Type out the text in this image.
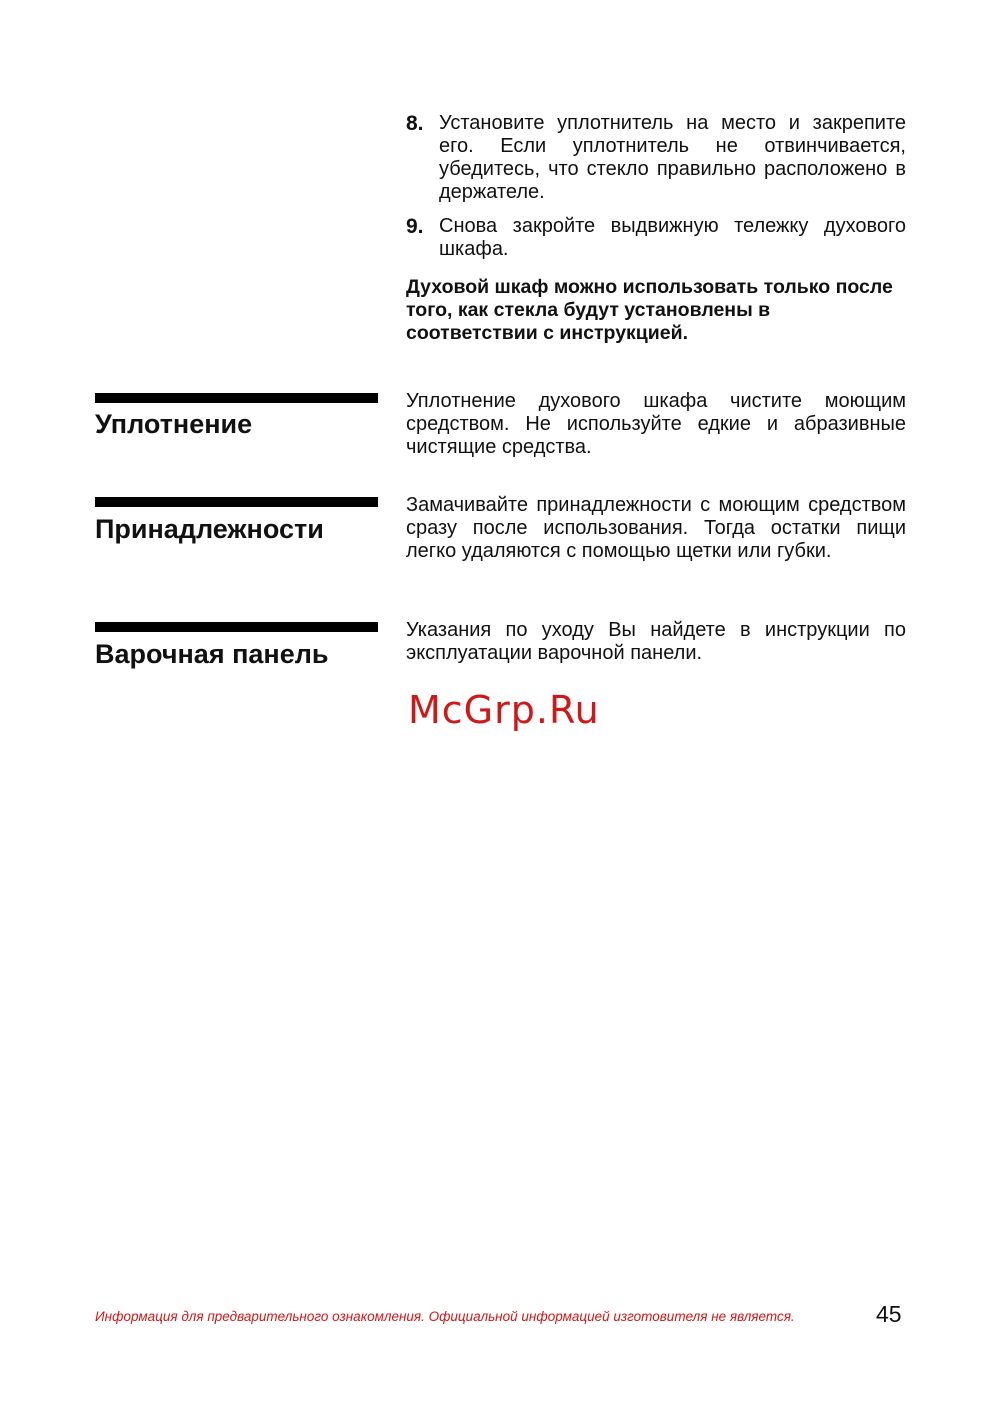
8. Установите уплотнитель на место и закрепите его. Если уплотнитель не отвинчивается, убедитесь, что стекло правильно расположено в держателе.
9. Снова закройте выдвижную тележку духового шкафа.
Духовой шкаф можно использовать только после того, как стекла будут установлены в соответствии с инструкцией.
Уплотнение
Уплотнение духового шкафа чистите моющим средством. Не используйте едкие и абразивные чистящие средства.
Принадлежности
Замачивайте принадлежности с моющим средством сразу после использования. Тогда остатки пищи легко удаляются с помощью щетки или губки.
Варочная панель
Указания по уходу Вы найдете в инструкции по эксплуатации варочной панели.
McGrp.Ru
Информация для предварительного ознакомления. Официальной информацией изготовителя не является.	45
